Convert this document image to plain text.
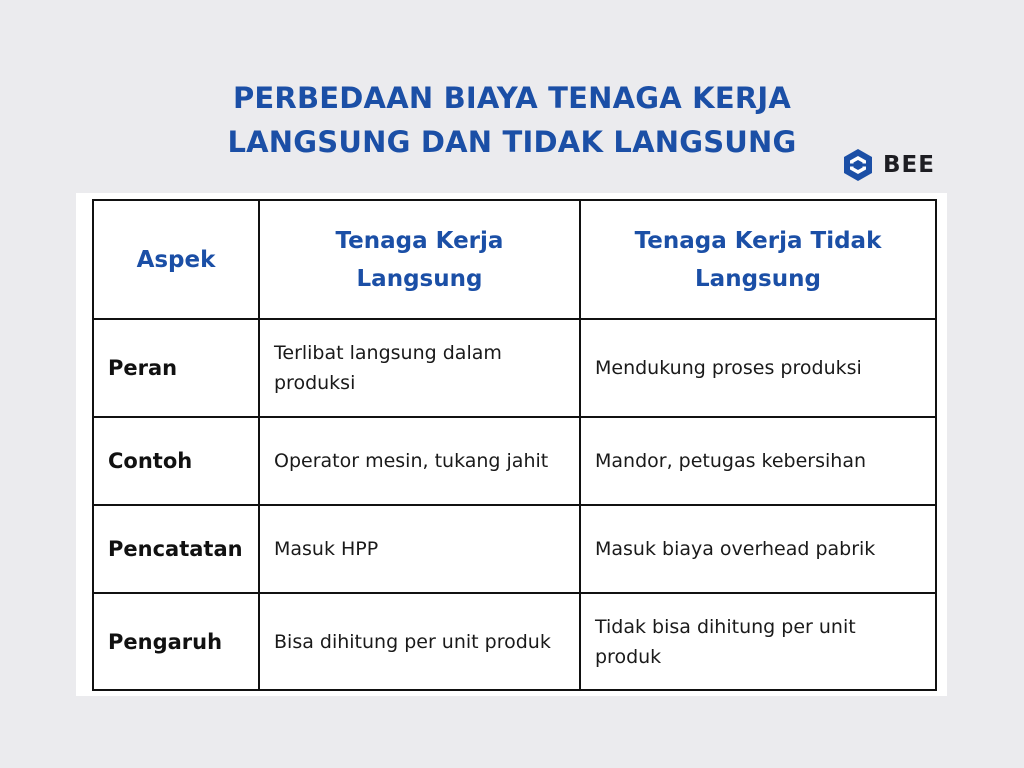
PERBEDAAN BIAYA TENAGA KERJA
LANGSUNG DAN TIDAK LANGSUNG
BEE
Aspek	Tenaga Kerja Langsung	Tenaga Kerja Tidak Langsung
Peran	Terlibat langsung dalam produksi	Mendukung proses produksi
Contoh	Operator mesin, tukang jahit	Mandor, petugas kebersihan
Pencatatan	Masuk HPP	Masuk biaya overhead pabrik
Pengaruh	Bisa dihitung per unit produk	Tidak bisa dihitung per unit produk
